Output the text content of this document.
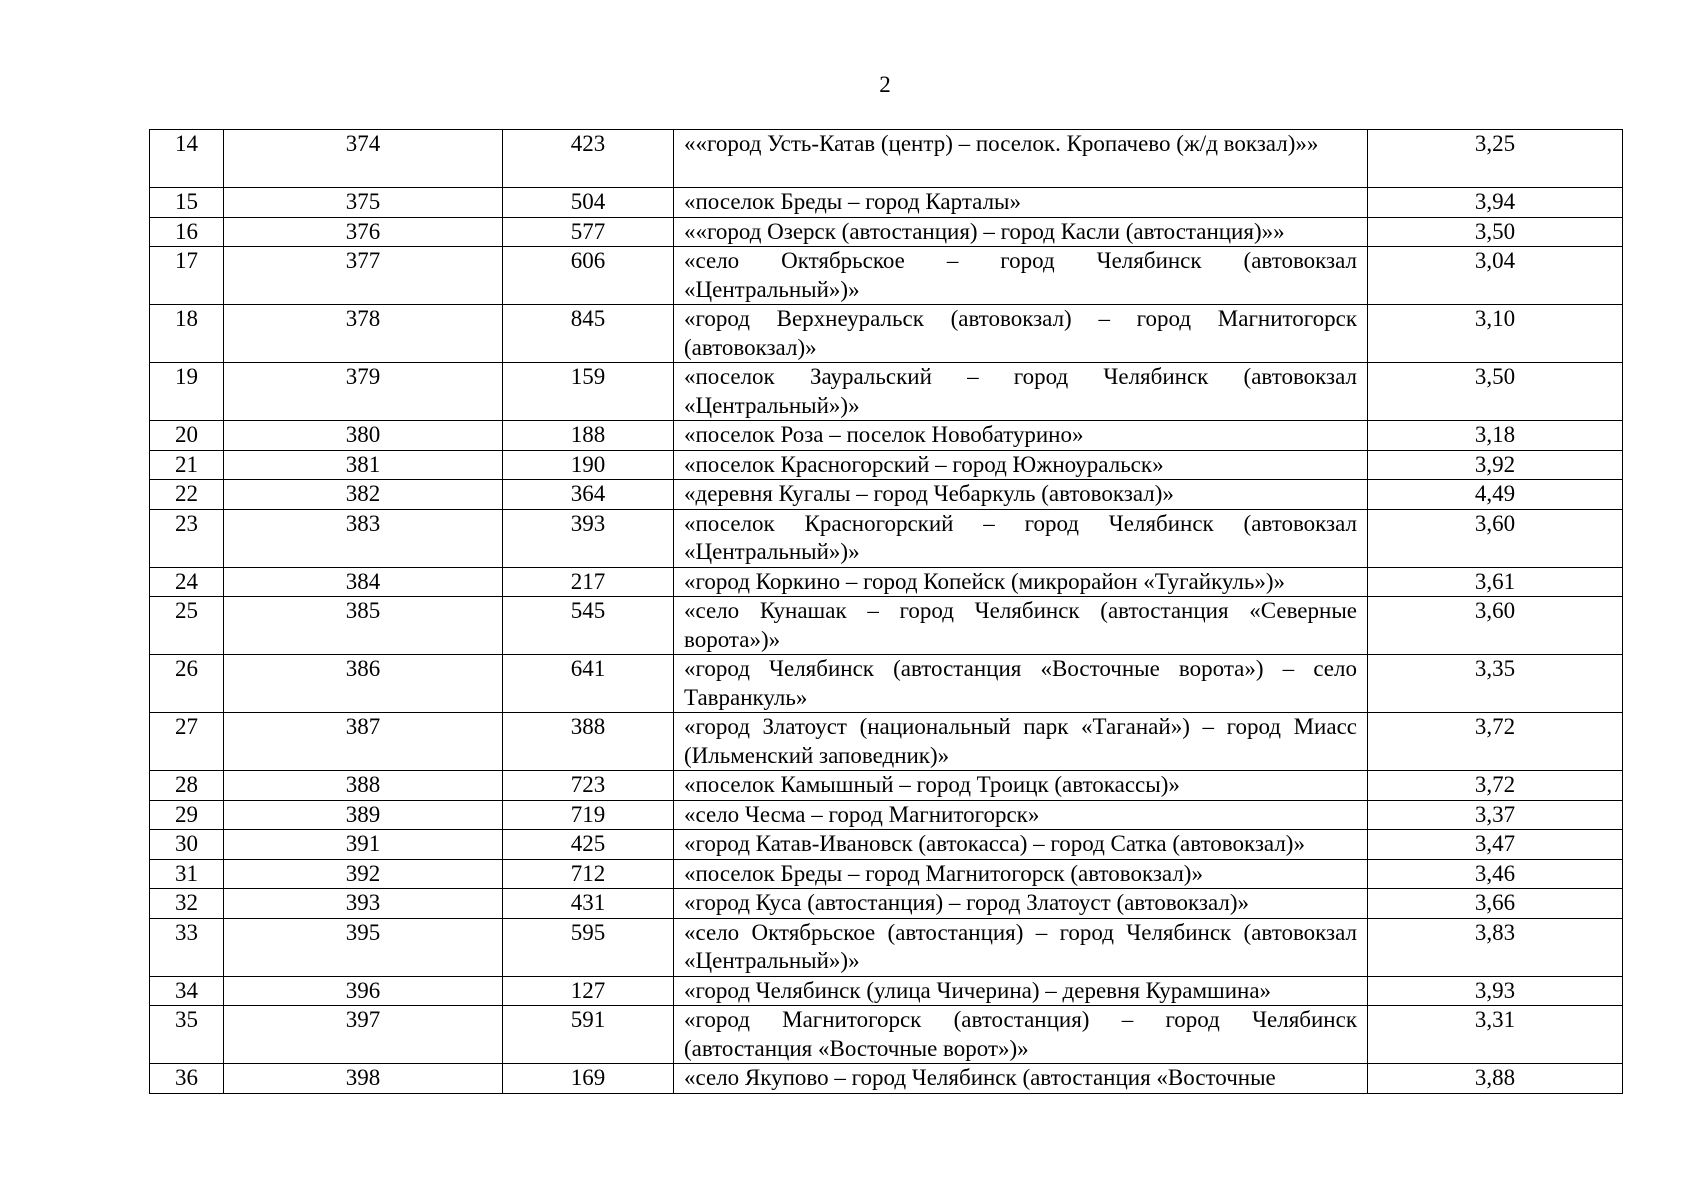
2
14	374	423	««город Усть-Катав (центр) – поселок. Кропачево (ж/д вокзал)»»	3,25
15	375	504	«поселок Бреды – город Карталы»	3,94
16	376	577	««город Озерск (автостанция) – город Касли (автостанция)»»	3,50
17	377	606	«село Октябрьское – город Челябинск (автовокзал «Центральный»)»	3,04
18	378	845	«город Верхнеуральск (автовокзал) – город Магнитогорск (автовокзал)»	3,10
19	379	159	«поселок Зауральский – город Челябинск (автовокзал «Центральный»)»	3,50
20	380	188	«поселок Роза – поселок Новобатурино»	3,18
21	381	190	«поселок Красногорский – город Южноуральск»	3,92
22	382	364	«деревня Кугалы – город Чебаркуль (автовокзал)»	4,49
23	383	393	«поселок Красногорский – город Челябинск (автовокзал «Центральный»)»	3,60
24	384	217	«город Коркино – город Копейск (микрорайон «Тугайкуль»)»	3,61
25	385	545	«село Кунашак – город Челябинск (автостанция «Северные ворота»)»	3,60
26	386	641	«город Челябинск (автостанция «Восточные ворота») – село Тавранкуль»	3,35
27	387	388	«город Златоуст (национальный парк «Таганай») – город Миасс (Ильменский заповедник)»	3,72
28	388	723	«поселок Камышный – город Троицк (автокассы)»	3,72
29	389	719	«село Чесма – город Магнитогорск»	3,37
30	391	425	«город Катав-Ивановск (автокасса) – город Сатка (автовокзал)»	3,47
31	392	712	«поселок Бреды – город Магнитогорск (автовокзал)»	3,46
32	393	431	«город Куса (автостанция) – город Златоуст (автовокзал)»	3,66
33	395	595	«село Октябрьское (автостанция) – город Челябинск (автовокзал «Центральный»)»	3,83
34	396	127	«город Челябинск (улица Чичерина) – деревня Курамшина»	3,93
35	397	591	«город Магнитогорск (автостанция) – город Челябинск (автостанция «Восточные ворот»)»	3,31
36	398	169	«село Якупово – город Челябинск (автостанция «Восточные	3,88
